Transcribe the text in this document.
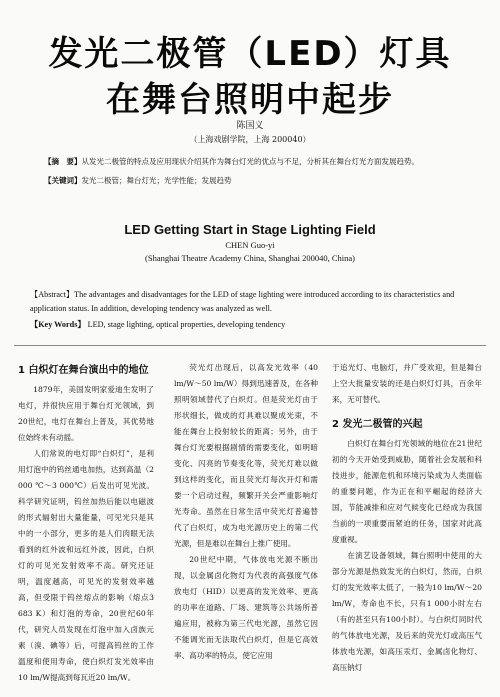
发光二极管（LED）灯具
在舞台照明中起步
陈国义
（上海戏剧学院，上海 200040）
【摘　要】从发光二极管的特点及应用现状介绍其作为舞台灯光的优点与不足，分析其在舞台灯光方面发展趋势。
【关键词】发光二极管；舞台灯光；光学性能；发展趋势
LED Getting Start in Stage Lighting Field
CHEN Guo-yi
(Shanghai Theatre Academy China, Shanghai 200040, China)
【Abstract】The advantages and disadvantages for the LED of stage lighting were introduced according to its characteristics and application status. In addition, developing tendency was analyzed as well.
【Key Words】 LED, stage lighting, optical properties, developing tendency
1 白炽灯在舞台演出中的地位

1879年，美国发明家爱迪生发明了电灯，并很快应用于舞台灯光领域，到20世纪，电灯在舞台上普及，其优势地位始终未有动摇。

人们常说的电灯即“白炽灯”，是利用灯泡中的钨丝通电加热，达到高温（2 000 ℃～3 000℃）后发出可见光波。科学研究证明，钨丝加热后能以电磁波的形式辐射出大量能量，可见光只是其中的一小部分，更多的是人们肉眼无法看到的红外波和远红外波，因此，白炽灯的可见光发射效率不高。研究还证明，温度越高，可见光的发射效率越高，但受限于钨丝熔点的影响（熔点3 683 K）和灯泡的寿命，20世纪60年代，研究人员发现在灯泡中加入卤族元素（溴、碘等）后，可提高钨丝的工作温度和使用寿命，使白炽灯发光效率由10 lm/W提高到每瓦近20 lm/W。

荧光灯出现后，以高发光效率（40 lm/W～50 lm/W）得到迅速普及，在各种照明领域替代了白炽灯。但是荧光灯由于形状细长，做成的灯具难以聚成光束，不能在舞台上投射较长的距离；另外，由于舞台灯光要根据剧情的需要变化，如明暗变化、闪亮的节奏变化等，荧光灯难以做到这样的变化，而且荧光灯每次开灯和需要一个启动过程，频繁开关会严重影响灯光寿命。虽然在日常生活中荧光灯普遍替代了白炽灯，成为电光源历史上的第二代光源，但是难以在舞台上推广使用。

20世纪中期，气体放电光源不断出现，以金属卤化物灯为代表的高强度气体放电灯（HID）以更高的发光效率、更高的功率在道路、厂场、建筑等公共场所普遍应用，被称为第三代电光源，虽然它因不能调光而无法取代白炽灯，但是它高效率、高功率的特点，使它应用

于追光灯、电脑灯，并广受欢迎，但是舞台上空大批量安装的还是白炽灯灯具，百余年来，无可替代。

2 发光二极管的兴起

白炽灯在舞台灯光领域的地位在21世纪初的今天开始受到威胁，随着社会发展和科技进步，能源危机和环境污染成为人类面临的重要问题，作为正在和平崛起的经济大国，节能减排和应对气候变化已经成为我国当前的一项重要而紧迫的任务，国家对此高度重视。

在演艺设备领域，舞台照明中使用的大部分光源是热致发光的白炽灯，然而，白炽灯的发光效率太低了，一般为10 lm/W～20 lm/W，寿命也不长，只有1 000小时左右（有的甚至只有100小时）。与白炽灯同时代的气体放电光源，及后来的荧光灯或高压气体放电光源，如高压汞灯、金属卤化物灯、高压钠灯
